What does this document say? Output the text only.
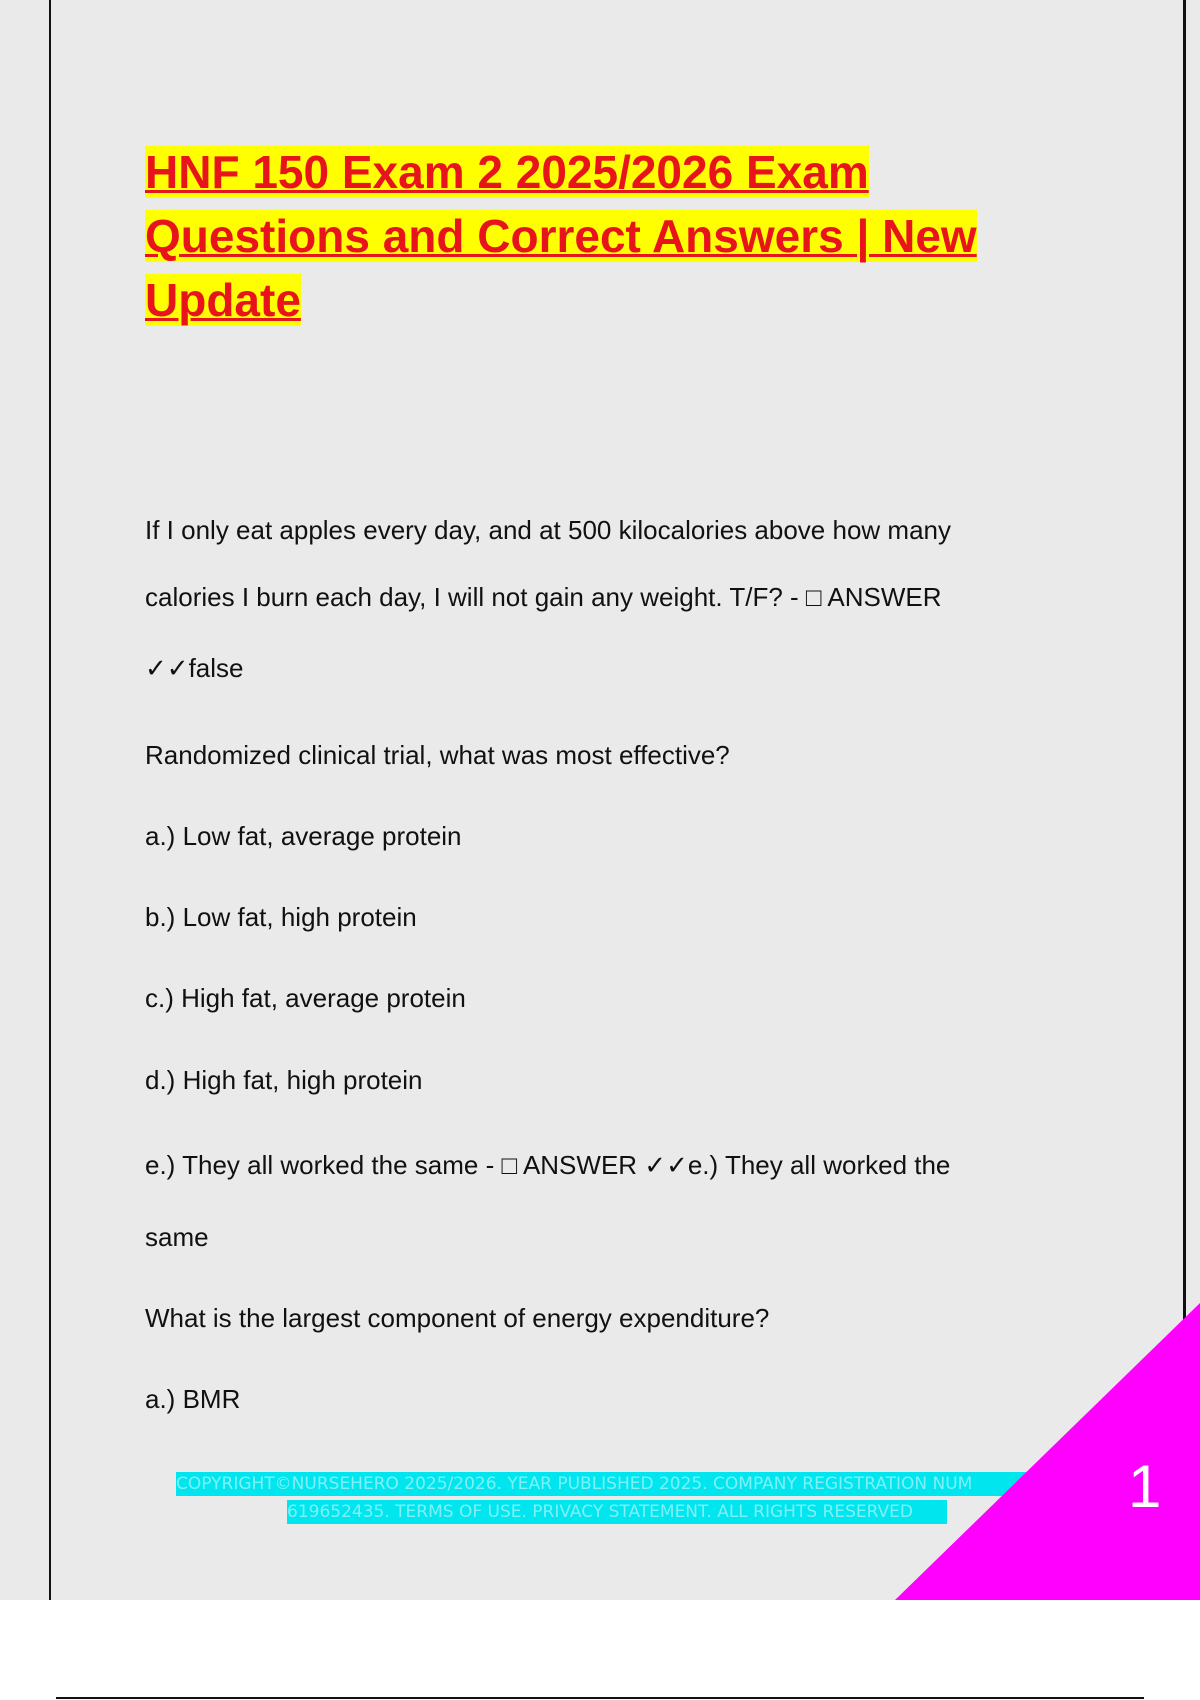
HNF 150 Exam 2 2025/2026 Exam
Questions and Correct Answers | New
Update

If I only eat apples every day, and at 500 kilocalories above how many

calories I burn each day, I will not gain any weight. T/F? - □ ANSWER

✓✓false

Randomized clinical trial, what was most effective?

a.) Low fat, average protein

b.) Low fat, high protein

c.) High fat, average protein

d.) High fat, high protein

e.) They all worked the same - □ ANSWER ✓✓e.) They all worked the

same

What is the largest component of energy expenditure?

a.) BMR

COPYRIGHT©NURSEHERO 2025/2026. YEAR PUBLISHED 2025. COMPANY REGISTRATION NUM

619652435. TERMS OF USE. PRIVACY STATEMENT. ALL RIGHTS RESERVED	1
